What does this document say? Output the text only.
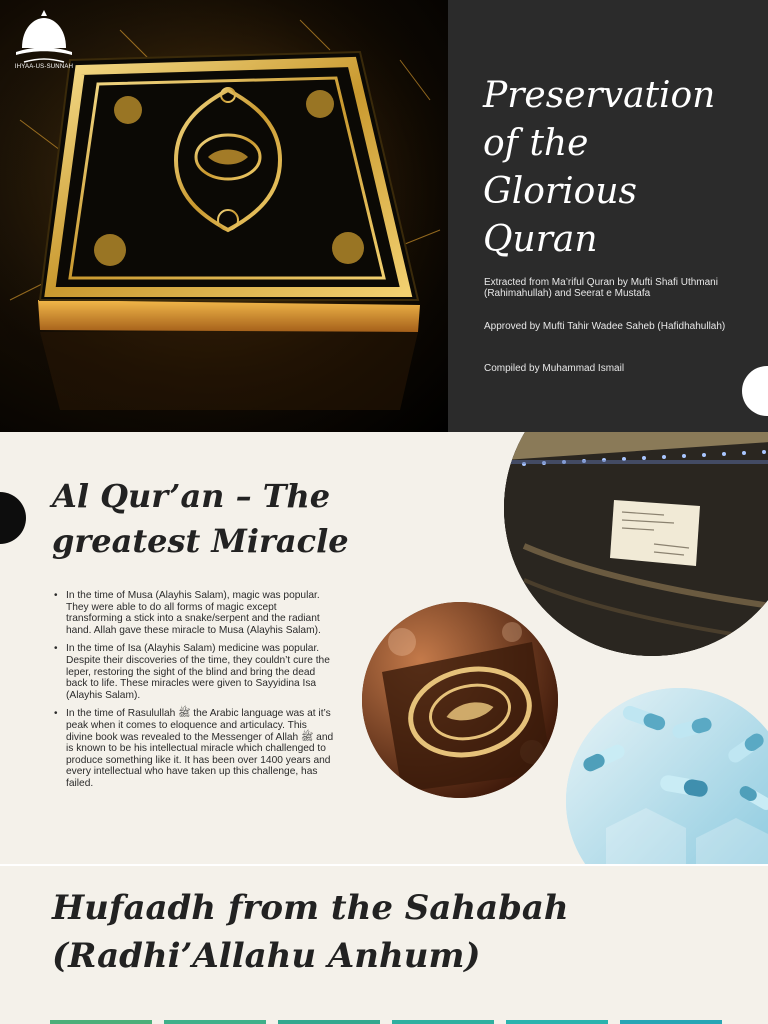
IHYAA-US-SUNNAH
Preservation
of the
Glorious
Quran

Extracted from Ma’riful Quran by Mufti Shafi Uthmani (Rahimahullah) and Seerat e Mustafa

Approved by Mufti Tahir Wadee Saheb (Hafidhahullah)

Compiled by Muhammad Ismail

Al Qur’an – The
greatest Miracle
• In the time of Musa (Alayhis Salam), magic was popular. They were able to do all forms of magic except transforming a stick into a snake/serpent and the radiant hand. Allah gave these miracle to Musa (Alayhis Salam).
• In the time of Isa (Alayhis Salam) medicine was popular. Despite their discoveries of the time, they couldn’t cure the leper, restoring the sight of the blind and bring the dead back to life. These miracles were given to Sayyidina Isa (Alayhis Salam).
• In the time of Rasulullah ﷺ the Arabic language was at it’s peak when it comes to eloquence and articulacy. This divine book was revealed to the Messenger of Allah ﷺ and is known to be his intellectual miracle which challenged to produce something like it. It has been over 1400 years and every intellectual who have taken up this challenge, has failed.
Hufaadh from the Sahabah
(Radhi’Allahu Anhum)
